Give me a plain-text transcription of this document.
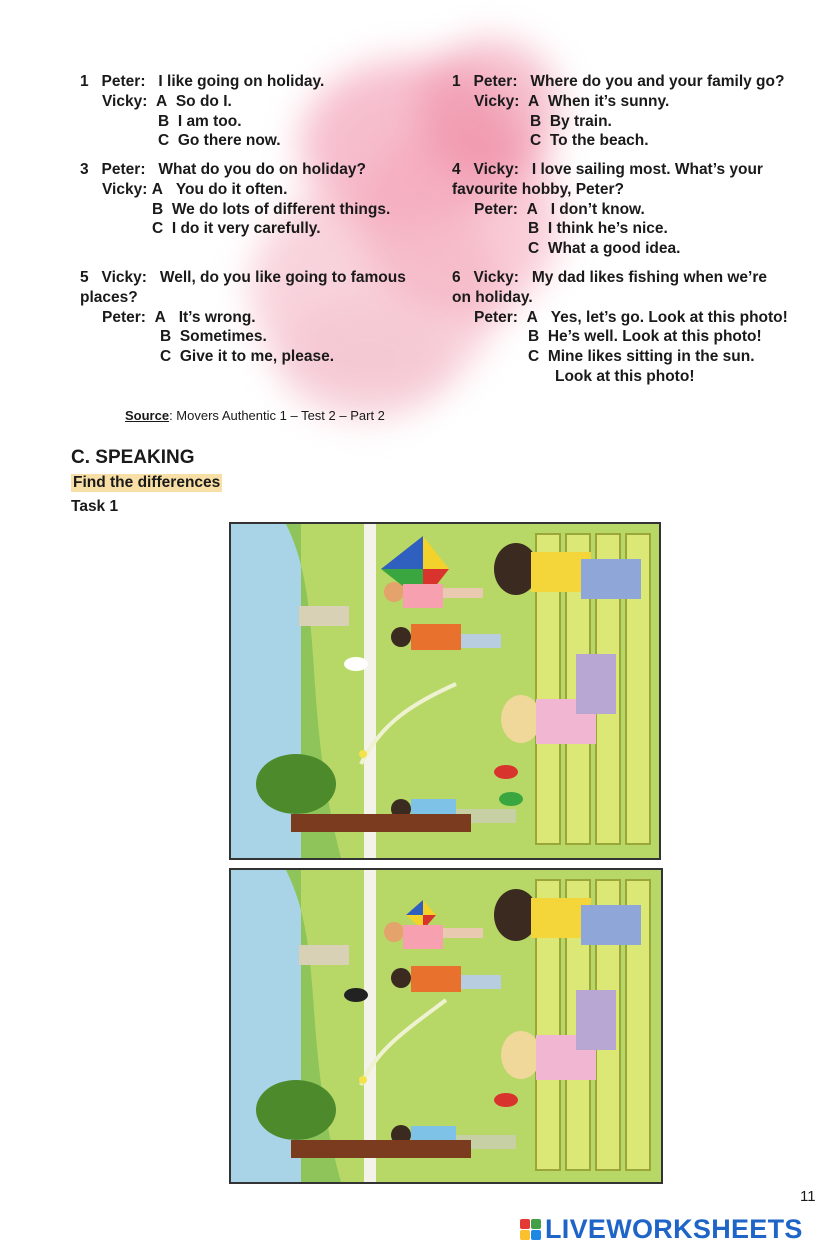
1 Peter: I like going on holiday.
Vicky: A So do I.
B I am too.
C Go there now.
1 Peter: Where do you and your family go?
Vicky: A When it’s sunny.
B By train.
C To the beach.
3 Peter: What do you do on holiday?
Vicky: A You do it often.
B We do lots of different things.
C I do it very carefully.
4 Vicky: I love sailing most. What’s your
favourite hobby, Peter?
Peter: A I don’t know.
B I think he’s nice.
C What a good idea.
5 Vicky: Well, do you like going to famous
places?
Peter: A It’s wrong.
B Sometimes.
C Give it to me, please.
6 Vicky: My dad likes fishing when we’re
on holiday.
Peter: A Yes, let’s go. Look at this photo!
B He’s well. Look at this photo!
C Mine likes sitting in the sun.
Look at this photo!
Source: Movers Authentic 1 – Test 2 – Part 2
C. SPEAKING
Find the differences
Task 1
11
LIVEWORKSHEETS
